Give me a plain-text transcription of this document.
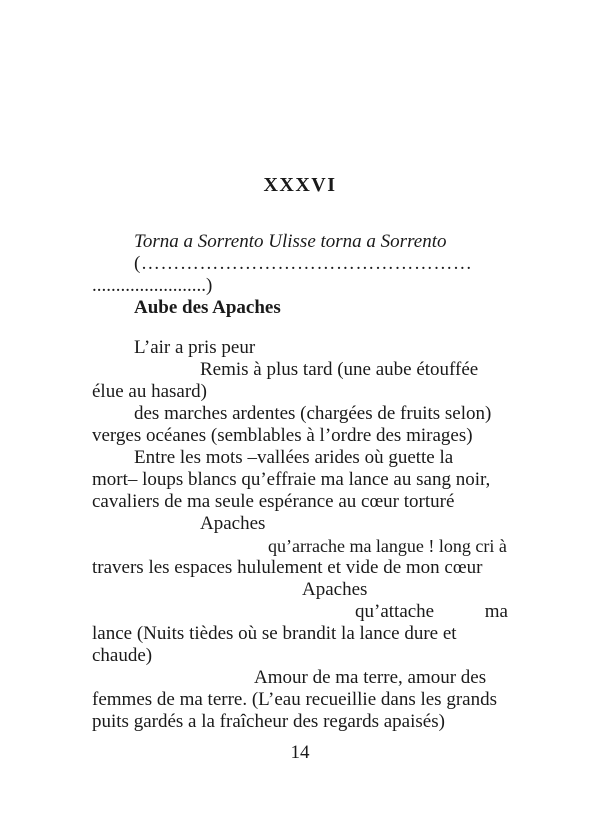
XXXVI

Torna a Sorrento Ulisse torna a Sorrento

(……………………………………………

........................)

Aube des Apaches

L’air a pris peur

Remis à plus tard (une aube étouffée

élue au hasard)

des marches ardentes (chargées de fruits selon)

verges océanes (semblables à l’ordre des mirages)

Entre les mots –vallées arides où guette la

mort– loups blancs qu’effraie ma lance au sang noir,

cavaliers de ma seule espérance au cœur torturé

Apaches

qu’arrache ma langue ! long cri à

travers les espaces hululement et vide de mon cœur

Apaches

qu’attache	ma

lance (Nuits tièdes où se brandit la lance dure et

chaude)

Amour de ma terre, amour des

femmes de ma terre. (L’eau recueillie dans les grands

puits gardés a la fraîcheur des regards apaisés)

14
